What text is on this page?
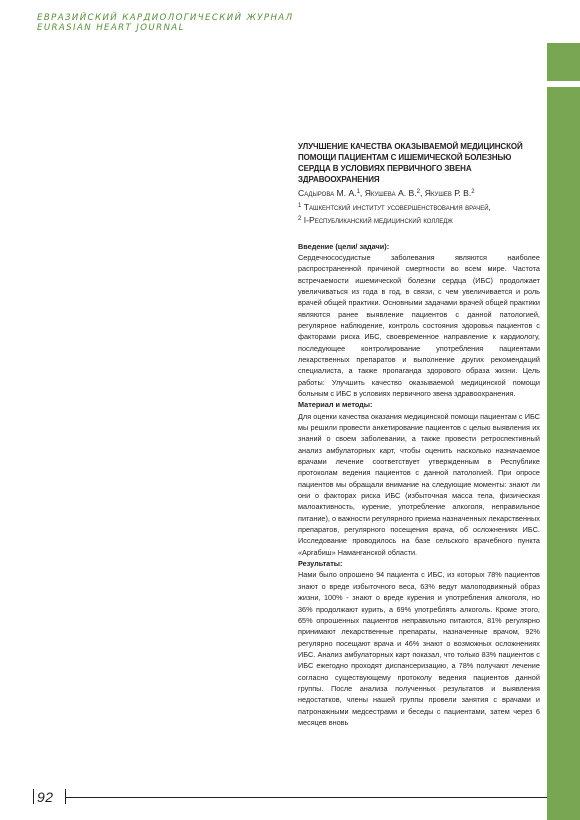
ЕВРАЗИЙСКИЙ КАРДИОЛОГИЧЕСКИЙ ЖУРНАЛ
EURASIAN HEART JOURNAL
УЛУЧШЕНИЕ КАЧЕСТВА ОКАЗЫВАЕМОЙ МЕДИЦИНСКОЙ ПОМОЩИ ПАЦИЕНТАМ С ИШЕМИЧЕСКОЙ БОЛЕЗНЬЮ СЕРДЦА В УСЛОВИЯХ ПЕРВИЧНОГО ЗВЕНА ЗДРАВООХРАНЕНИЯ
Садырова М. А.$^1$, Якушева А. В.$^2$, Якушев Р. В.$^2$
$^1$ Ташкентский институт усовершенствования врачей,
$^2$ I-Республиканский медицинский колледж
Введение (цели/ задачи):
Сердечнососудистые заболевания являются наиболее распространенной причиной смертности во всем мире. Частота встречаемости ишемической болезни сердца (ИБС) продолжает увеличиваться из года в год, в связи, с чем увеличивается и роль врачей общей практики. Основными задачами врачей общей практики являются ранее выявление пациентов с данной патологией, регулярное наблюдение, контроль состояния здоровья пациентов с факторами риска ИБС, своевременное направление к кардиологу, последующее контролирование употребления пациентами лекарственных препаратов и выполнение других рекомендаций специалиста, а также пропаганда здорового образа жизни. Цель работы: Улучшить качество оказываемой медицинской помощи больным с ИБС в условиях первичного звена здравоохранения.
Материал и методы:
Для оценки качества оказания медицинской помощи пациентам с ИБС мы решили провести анкетирование пациентов с целью выявления их знаний о своем заболевании, а также провести ретроспективный анализ амбулаторных карт, чтобы оценить насколько назначаемое врачами лечение соответствует утвержденным в Республике протоколам ведения пациентов с данной патологией. При опросе пациентов мы обращали внимание на следующие моменты: знают ли они о факторах риска ИБС (избыточная масса тела, физическая малоактивность, курение, употребление алкоголя, неправильное питание), о важности регулярного приема назначенных лекарственных препаратов, регулярного посещения врача, об осложнениях ИБС. Исследование проводилось на базе сельского врачебного пункта «Аргабиш» Наманганской области.
Результаты:
Нами было опрошено 94 пациента с ИБС, из которых 78% пациентов знают о вреде избыточного веса, 63% ведут малоподвижный образ жизни, 100% - знают о вреде курения и употребления алкоголя, но 36% продолжают курить, а 69% употреблять алкоголь. Кроме этого, 65% опрошенных пациентов неправильно питаются, 81% регулярно принимают лекарственные препараты, назначенные врачом, 92% регулярно посещают врача и 46% знают о возможных осложнениях ИБС. Анализ амбулаторных карт показал, что только 83% пациентов с ИБС ежегодно проходят диспансеризацию, а 78% получают лечение согласно существующему протоколу ведения пациентов данной группы. После анализа полученных результатов и выявления недостатков, члены нашей группы провели занятия с врачами и патронажными медсестрами и беседы с пациентами, затем через 6 месяцев вновь
92
